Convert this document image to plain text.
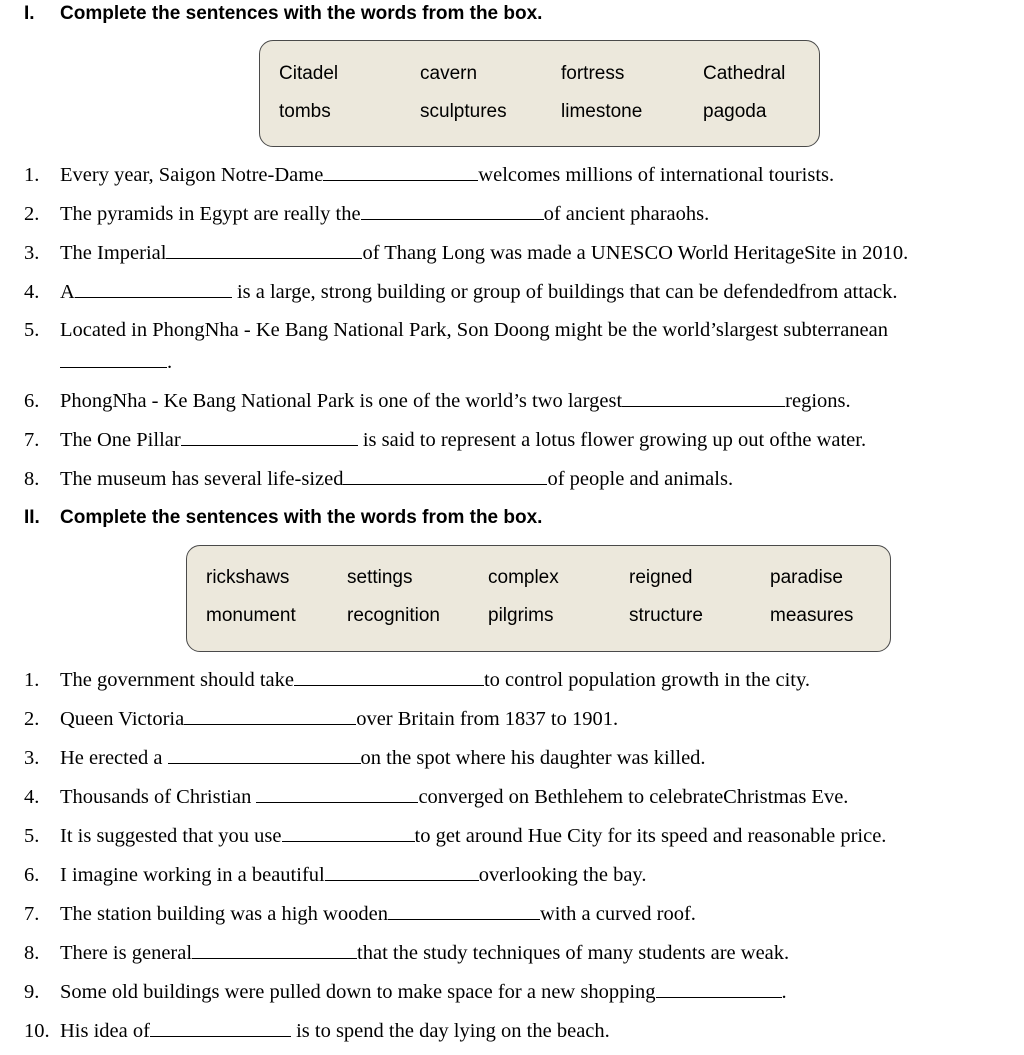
I. Complete the sentences with the words from the box.
Citadel	cavern	fortress	Cathedral
tombs	sculptures	limestone	pagoda
1. Every year, Saigon Notre-Dame	welcomes millions of international tourists.
2. The pyramids in Egypt are really the	of ancient pharaohs.
3. The Imperial	of Thang Long was made a UNESCO World HeritageSite in 2010.
4. A	is a large, strong building or group of buildings that can be defendedfrom attack.
5. Located in PhongNha - Ke Bang National Park, Son Doong might be the world’slargest subterranean
.
6. PhongNha - Ke Bang National Park is one of the world’s two largest	regions.
7. The One Pillar	is said to represent a lotus flower growing up out ofthe water.
8. The museum has several life-sized	of people and animals.
II. Complete the sentences with the words from the box.
rickshaws	settings	complex	reigned	paradise
monument	recognition	pilgrims	structure	measures
1. The government should take	to control population growth in the city.
2. Queen Victoria	over Britain from 1837 to 1901.
3. He erected a	on the spot where his daughter was killed.
4. Thousands of Christian	converged on Bethlehem to celebrateChristmas Eve.
5. It is suggested that you use	to get around Hue City for its speed and reasonable price.
6. I imagine working in a beautiful	overlooking the bay.
7. The station building was a high wooden	with a curved roof.
8. There is general	that the study techniques of many students are weak.
9. Some old buildings were pulled down to make space for a new shopping	.
10. His idea of	is to spend the day lying on the beach.
